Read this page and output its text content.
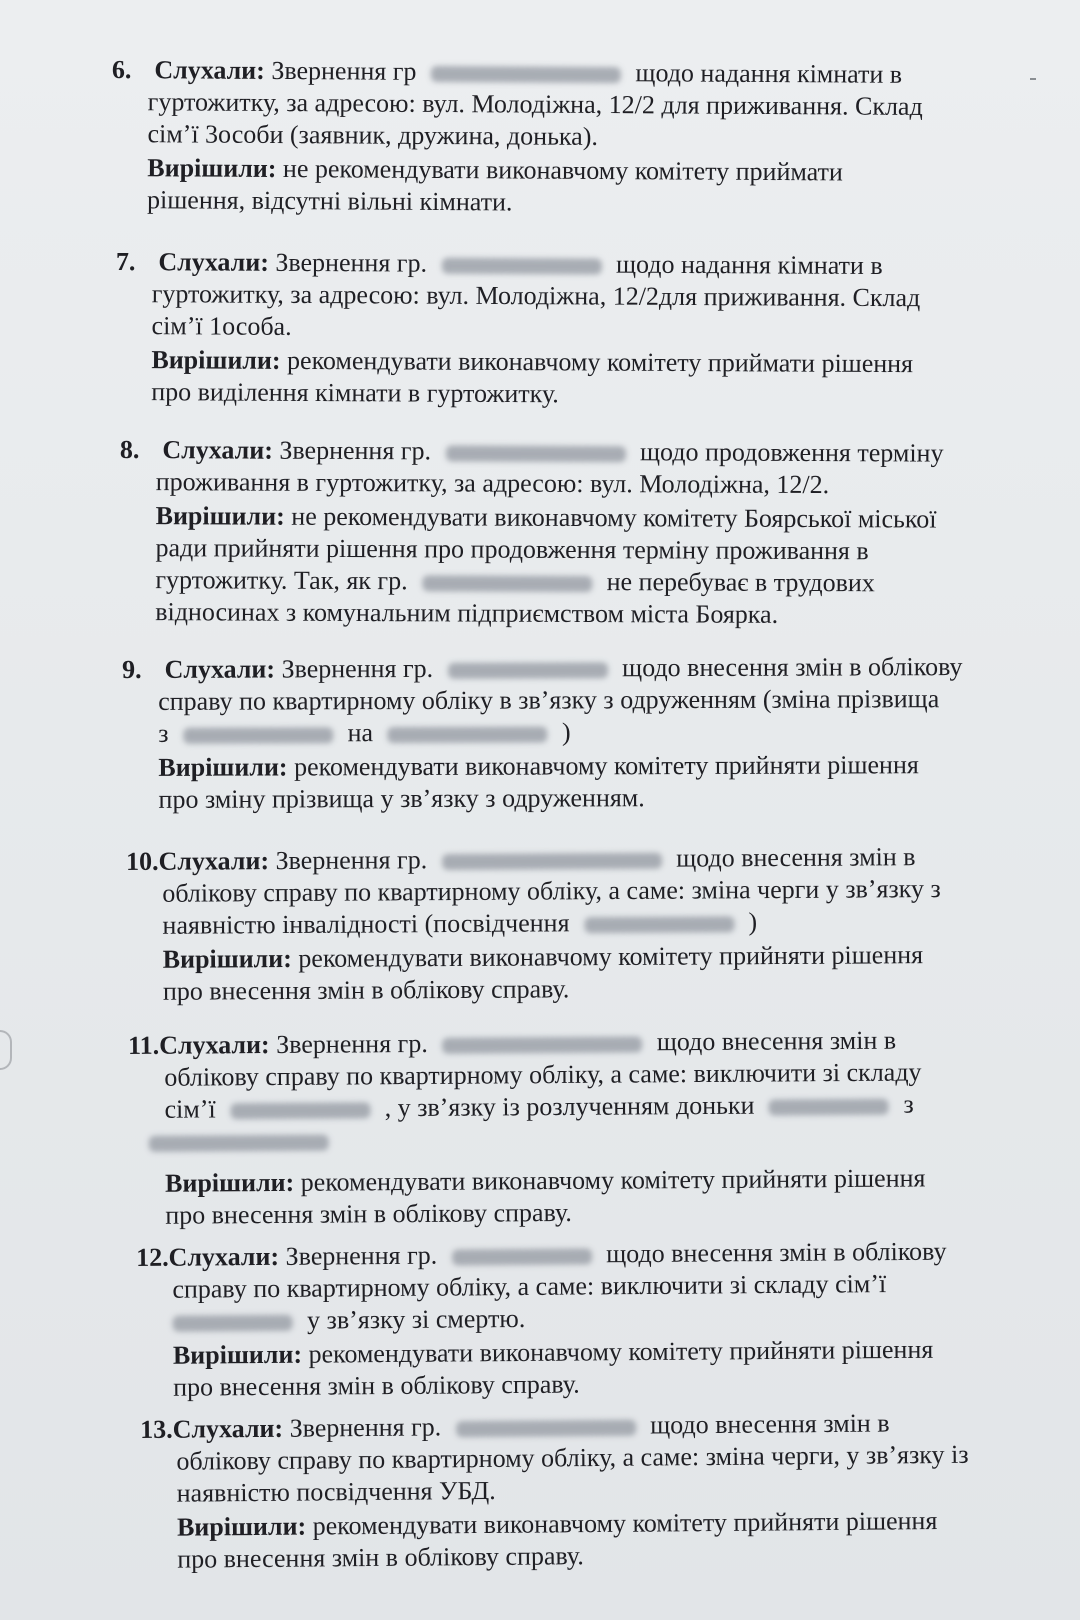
6. Слухали: Звернення гр	щодо надання кімнати в
гуртожитку, за адресою: вул. Молодіжна, 12/2 для приживання. Склад
сім’ї 3особи (заявник, дружина, донька).
Вирішили: не рекомендувати виконавчому комітету приймати
рішення, відсутні вільні кімнати.
7. Слухали: Звернення гр.	щодо надання кімнати в
гуртожитку, за адресою: вул. Молодіжна, 12/2для приживання. Склад
сім’ї 1особа.
Вирішили: рекомендувати виконавчому комітету приймати рішення
про виділення кімнати в гуртожитку.
8. Слухали: Звернення гр.	щодо продовження терміну
проживання в гуртожитку, за адресою: вул. Молодіжна, 12/2.
Вирішили: не рекомендувати виконавчому комітету Боярської міської
ради прийняти рішення про продовження терміну проживання в
гуртожитку. Так, як гр.	не перебуває в трудових
відносинах з комунальним підприємством міста Боярка.
9. Слухали: Звернення гр.	щодо внесення змін в облікову
справу по квартирному обліку в зв’язку з одруженням (зміна прізвища
з	на	)
Вирішили: рекомендувати виконавчому комітету прийняти рішення
про зміну прізвища у зв’язку з одруженням.
10.Слухали: Звернення гр.	щодо внесення змін в
облікову справу по квартирному обліку, а саме: зміна черги у зв’язку з
наявністю інвалідності (посвідчення	)
Вирішили: рекомендувати виконавчому комітету прийняти рішення
про внесення змін в облікову справу.
11.Слухали: Звернення гр.	щодо внесення змін в
облікову справу по квартирному обліку, а саме: виключити зі складу
сім’ї	, у зв’язку із розлученням доньки	з
Вирішили: рекомендувати виконавчому комітету прийняти рішення
про внесення змін в облікову справу.
12.Слухали: Звернення гр.	щодо внесення змін в облікову
справу по квартирному обліку, а саме: виключити зі складу сім’ї
у зв’язку зі смертю.
Вирішили: рекомендувати виконавчому комітету прийняти рішення
про внесення змін в облікову справу.
13.Слухали: Звернення гр.	щодо внесення змін в
облікову справу по квартирному обліку, а саме: зміна черги, у зв’язку із
наявністю посвідчення УБД.
Вирішили: рекомендувати виконавчому комітету прийняти рішення
про внесення змін в облікову справу.
